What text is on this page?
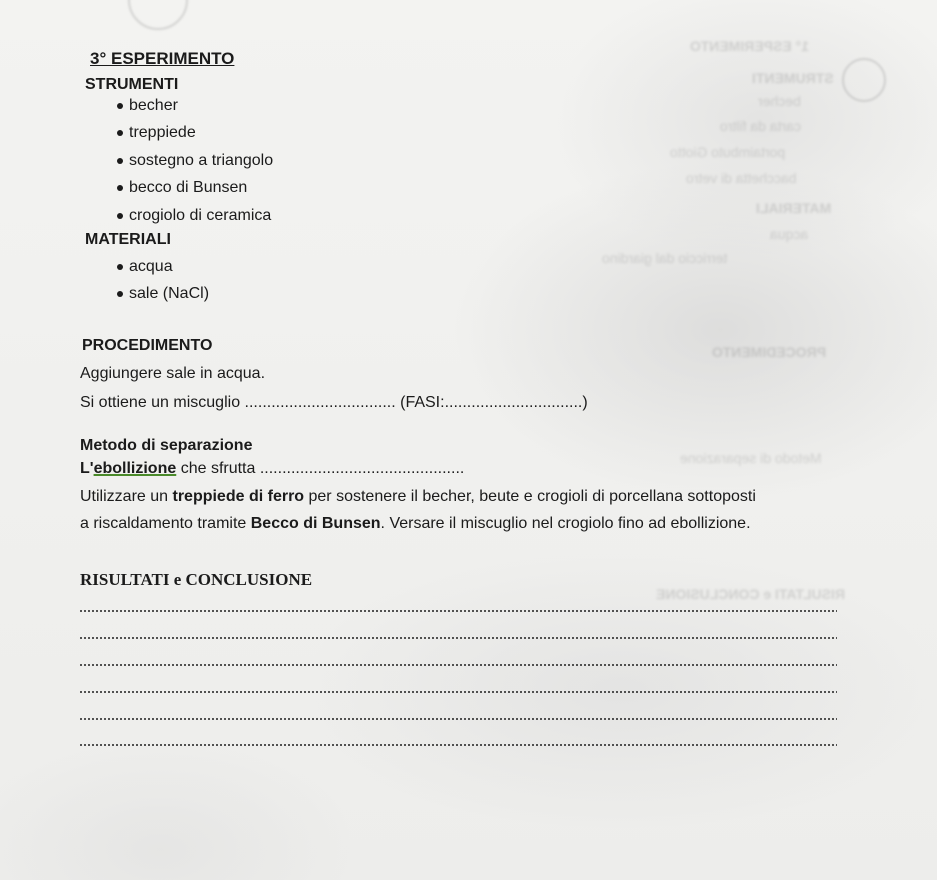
1° ESPERIMENTO
STRUMENTI
becher
carta da filtro
portaimbuto Giotto
bacchetta di vetro
MATERIALI
acqua
terriccio dal giardino
PROCEDIMENTO
Metodo di separazione
RISULTATI e CONCLUSIONE
3° ESPERIMENTO
STRUMENTI
becher
treppiede
sostegno a triangolo
becco di Bunsen
crogiolo di ceramica
MATERIALI
acqua
sale (NaCl)
PROCEDIMENTO
Aggiungere sale in acqua.
Si ottiene un miscuglio .................................. (FASI:...............................)
Metodo di separazione
L'ebollizione che sfrutta ..............................................
Utilizzare un treppiede di ferro per sostenere il becher, beute e crogioli di porcellana sottoposti
a riscaldamento tramite Becco di Bunsen. Versare il miscuglio nel crogiolo fino ad ebollizione.
RISULTATI e CONCLUSIONE
